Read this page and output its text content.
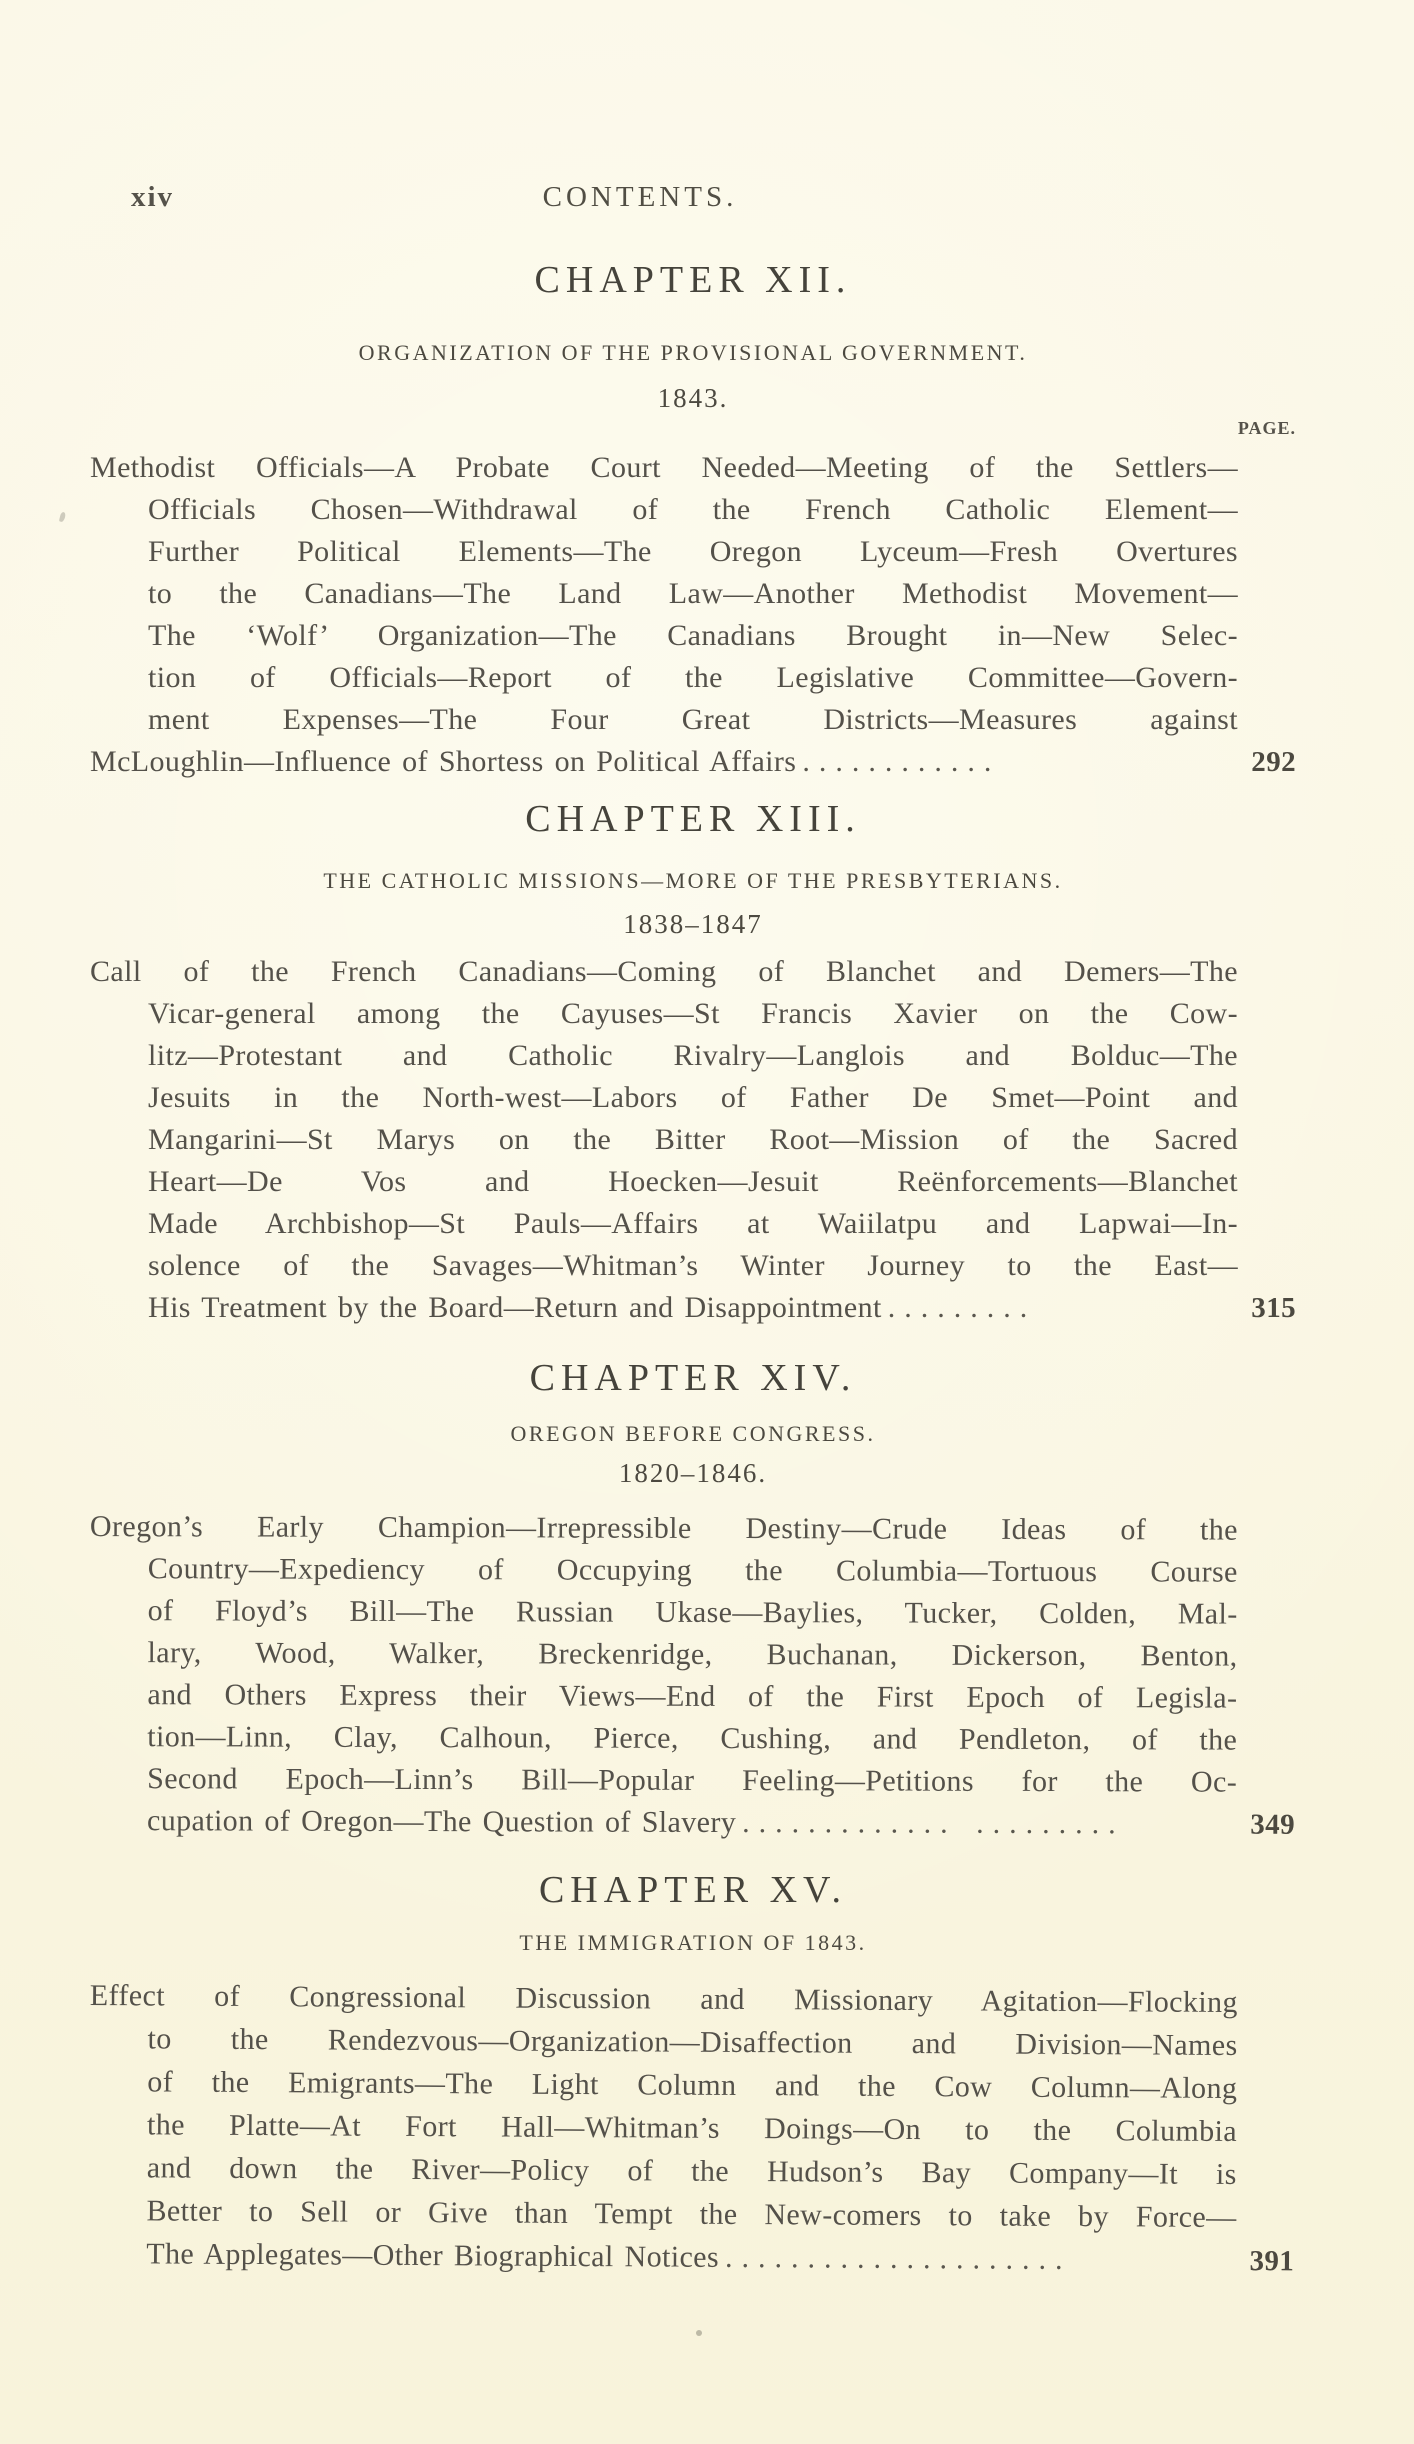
xiv	CONTENTS.
PAGE.
CHAPTER XII.
ORGANIZATION OF THE PROVISIONAL GOVERNMENT.
1843.
Methodist Officials—A Probate Court Needed—Meeting of the Settlers—
Officials Chosen—Withdrawal of the French Catholic Element—
Further Political Elements—The Oregon Lyceum—Fresh Overtures
to the Canadians—The Land Law—Another Methodist Movement—
The ‘Wolf’ Organization—The Canadians Brought in—New Selec-
tion of Officials—Report of the Legislative Committee—Govern-
ment Expenses—The Four Great Districts—Measures against
McLoughlin—Influence of Shortess on Political Affairs ............	292
CHAPTER XIII.
THE CATHOLIC MISSIONS—MORE OF THE PRESBYTERIANS.
1838–1847
Call of the French Canadians—Coming of Blanchet and Demers—The
Vicar-general among the Cayuses—St Francis Xavier on the Cow-
litz—Protestant and Catholic Rivalry—Langlois and Bolduc—The
Jesuits in the North-west—Labors of Father De Smet—Point and
Mangarini—St Marys on the Bitter Root—Mission of the Sacred
Heart—De Vos and Hoecken—Jesuit Reënforcements—Blanchet
Made Archbishop—St Pauls—Affairs at Waiilatpu and Lapwai—In-
solence of the Savages—Whitman’s Winter Journey to the East—
His Treatment by the Board—Return and Disappointment .........	315
CHAPTER XIV.
OREGON BEFORE CONGRESS.
1820–1846.
Oregon’s Early Champion—Irrepressible Destiny—Crude Ideas of the
Country—Expediency of Occupying the Columbia—Tortuous Course
of Floyd’s Bill—The Russian Ukase—Baylies, Tucker, Colden, Mal-
lary, Wood, Walker, Breckenridge, Buchanan, Dickerson, Benton,
and Others Express their Views—End of the First Epoch of Legisla-
tion—Linn, Clay, Calhoun, Pierce, Cushing, and Pendleton, of the
Second Epoch—Linn’s Bill—Popular Feeling—Petitions for the Oc-
cupation of Oregon—The Question of Slavery ............. .........	349
CHAPTER XV.
THE IMMIGRATION OF 1843.
Effect of Congressional Discussion and Missionary Agitation—Flocking
to the Rendezvous—Organization—Disaffection and Division—Names
of the Emigrants—The Light Column and the Cow Column—Along
the Platte—At Fort Hall—Whitman’s Doings—On to the Columbia
and down the River—Policy of the Hudson’s Bay Company—It is
Better to Sell or Give than Tempt the New-comers to take by Force—
The Applegates—Other Biographical Notices .....................	391
